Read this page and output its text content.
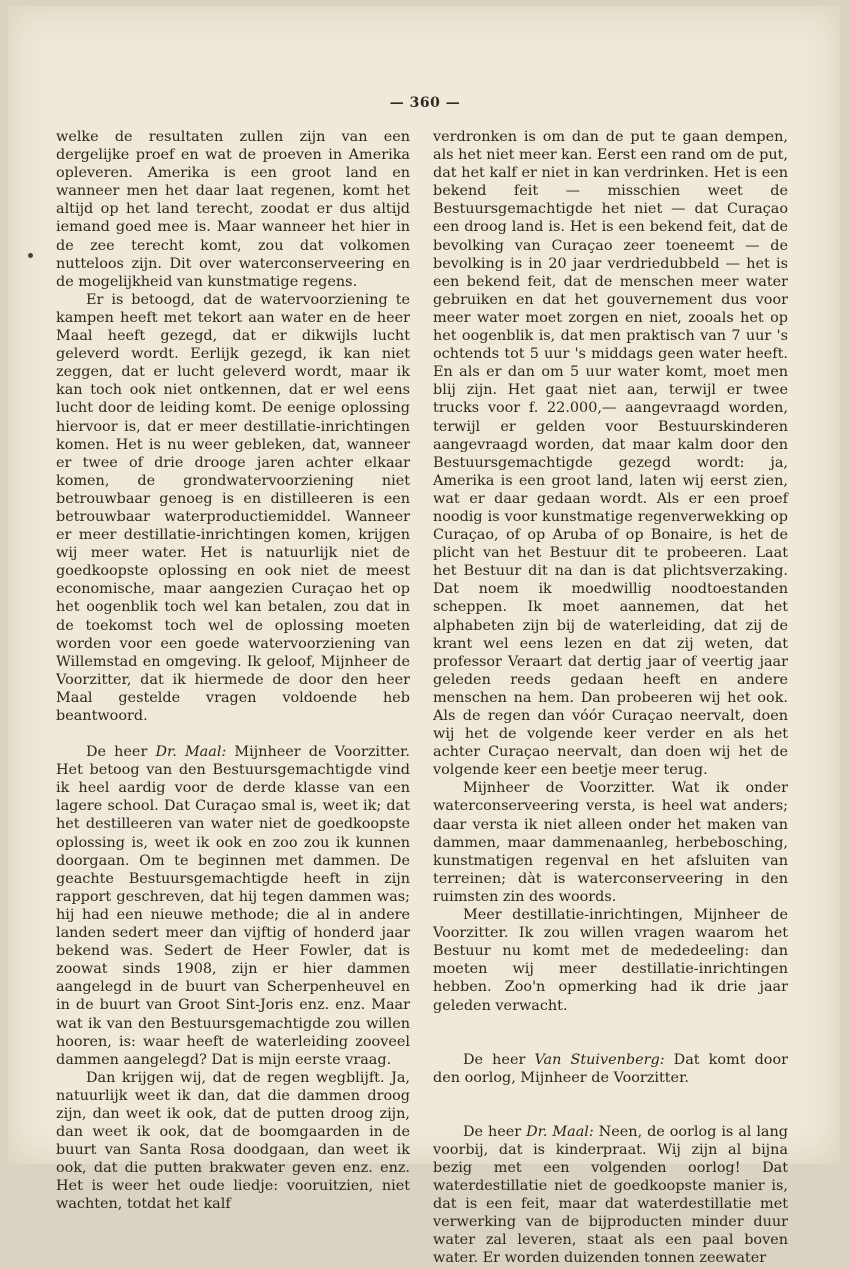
— 360 —

welke de resultaten zullen zijn van een dergelijke proef en wat de proeven in Amerika opleveren. Amerika is een groot land en wanneer men het daar laat regenen, komt het altijd op het land terecht, zoodat er dus altijd iemand goed mee is. Maar wanneer het hier in de zee terecht komt, zou dat volkomen nutteloos zijn. Dit over waterconserveering en de mogelijkheid van kunstmatige regens.

Er is betoogd, dat de watervoorziening te kampen heeft met tekort aan water en de heer Maal heeft gezegd, dat er dikwijls lucht geleverd wordt. Eerlijk gezegd, ik kan niet zeggen, dat er lucht geleverd wordt, maar ik kan toch ook niet ontkennen, dat er wel eens lucht door de leiding komt. De eenige oplossing hiervoor is, dat er meer destillatie-inrichtingen komen. Het is nu weer gebleken, dat, wanneer er twee of drie drooge jaren achter elkaar komen, de grondwatervoorziening niet betrouwbaar genoeg is en distilleeren is een betrouwbaar waterproductiemiddel. Wanneer er meer destillatie-inrichtingen komen, krijgen wij meer water. Het is natuurlijk niet de goedkoopste oplossing en ook niet de meest economische, maar aangezien Curaçao het op het oogenblik toch wel kan betalen, zou dat in de toekomst toch wel de oplossing moeten worden voor een goede watervoorziening van Willemstad en omgeving. Ik geloof, Mijnheer de Voorzitter, dat ik hiermede de door den heer Maal gestelde vragen voldoende heb beantwoord.

De heer Dr. Maal: Mijnheer de Voorzitter. Het betoog van den Bestuursgemachtigde vind ik heel aardig voor de derde klasse van een lagere school. Dat Curaçao smal is, weet ik; dat het destilleeren van water niet de goedkoopste oplossing is, weet ik ook en zoo zou ik kunnen doorgaan. Om te beginnen met dammen. De geachte Bestuursgemachtigde heeft in zijn rapport geschreven, dat hij tegen dammen was; hij had een nieuwe methode; die al in andere landen sedert meer dan vijftig of honderd jaar bekend was. Sedert de Heer Fowler, dat is zoowat sinds 1908, zijn er hier dammen aangelegd in de buurt van Scherpenheuvel en in de buurt van Groot Sint-Joris enz. enz. Maar wat ik van den Bestuursgemachtigde zou willen hooren, is: waar heeft de waterleiding zooveel dammen aangelegd? Dat is mijn eerste vraag.

Dan krijgen wij, dat de regen wegblijft. Ja, natuurlijk weet ik dan, dat die dammen droog zijn, dan weet ik ook, dat de putten droog zijn, dan weet ik ook, dat de boomgaarden in de buurt van Santa Rosa doodgaan, dan weet ik ook, dat die putten brakwater geven enz. enz. Het is weer het oude liedje: vooruitzien, niet wachten, totdat het kalf

verdronken is om dan de put te gaan dempen, als het niet meer kan. Eerst een rand om de put, dat het kalf er niet in kan verdrinken. Het is een bekend feit — misschien weet de Bestuursgemachtigde het niet — dat Curaçao een droog land is. Het is een bekend feit, dat de bevolking van Curaçao zeer toeneemt — de bevolking is in 20 jaar verdriedubbeld — het is een bekend feit, dat de menschen meer water gebruiken en dat het gouvernement dus voor meer water moet zorgen en niet, zooals het op het oogenblik is, dat men praktisch van 7 uur 's ochtends tot 5 uur 's middags geen water heeft. En als er dan om 5 uur water komt, moet men blij zijn. Het gaat niet aan, terwijl er twee trucks voor f. 22.000,— aangevraagd worden, terwijl er gelden voor Bestuurskinderen aangevraagd worden, dat maar kalm door den Bestuursgemachtigde gezegd wordt: ja, Amerika is een groot land, laten wij eerst zien, wat er daar gedaan wordt. Als er een proef noodig is voor kunstmatige regenverwekking op Curaçao, of op Aruba of op Bonaire, is het de plicht van het Bestuur dit te probeeren. Laat het Bestuur dit na dan is dat plichtsverzaking. Dat noem ik moedwillig noodtoestanden scheppen. Ik moet aannemen, dat het alphabeten zijn bij de waterleiding, dat zij de krant wel eens lezen en dat zij weten, dat professor Veraart dat dertig jaar of veertig jaar geleden reeds gedaan heeft en andere menschen na hem. Dan probeeren wij het ook. Als de regen dan vóór Curaçao neervalt, doen wij het de volgende keer verder en als het achter Curaçao neervalt, dan doen wij het de volgende keer een beetje meer terug.

Mijnheer de Voorzitter. Wat ik onder waterconserveering versta, is heel wat anders; daar versta ik niet alleen onder het maken van dammen, maar dammenaanleg, herbebosching, kunstmatigen regenval en het afsluiten van terreinen; dàt is waterconserveering in den ruimsten zin des woords.

Meer destillatie-inrichtingen, Mijnheer de Voorzitter. Ik zou willen vragen waarom het Bestuur nu komt met de mededeeling: dan moeten wij meer destillatie-inrichtingen hebben. Zoo'n opmerking had ik drie jaar geleden verwacht.

De heer Van Stuivenberg: Dat komt door den oorlog, Mijnheer de Voorzitter.

De heer Dr. Maal: Neen, de oorlog is al lang voorbij, dat is kinderpraat. Wij zijn al bijna bezig met een volgenden oorlog! Dat waterdestillatie niet de goedkoopste manier is, dat is een feit, maar dat waterdestillatie met verwerking van de bijproducten minder duur water zal leveren, staat als een paal boven water. Er worden duizenden tonnen zeewater
